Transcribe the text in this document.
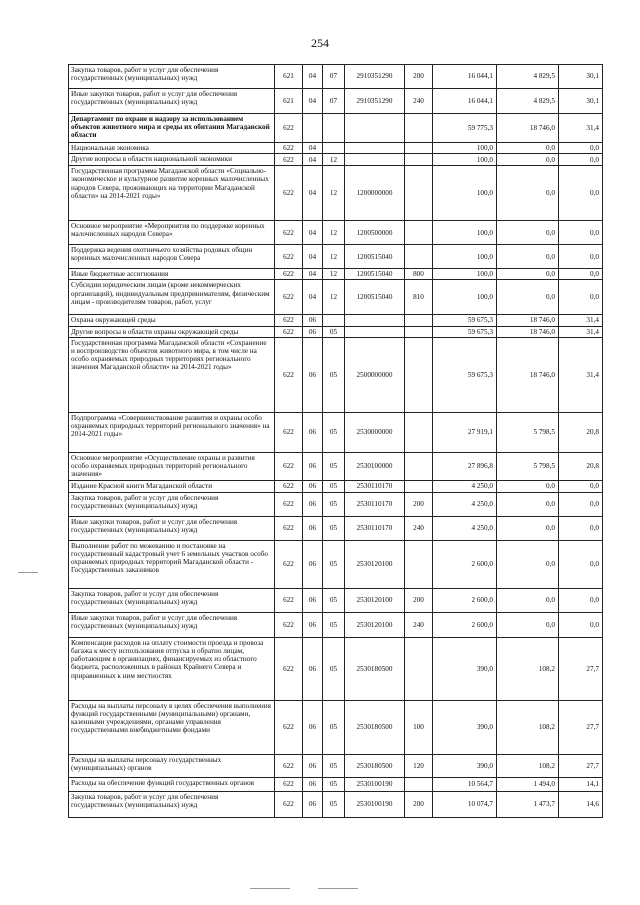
254
Закупка товаров, работ и услуг для обеспечения государственных (муниципальных) нужд	621	04	07	2910351290	200	16 044,1	4 829,5	30,1
Иные закупки товаров, работ и услуг для обеспечения государственных (муниципальных) нужд	621	04	07	2910351290	240	16 044,1	4 829,5	30,1
Департамент по охране и надзору за использованием объектов животного мира и среды их обитания Магаданской области	622					59 775,3	18 746,0	31,4
Национальная экономика	622	04				100,0	0,0	0,0
Другие вопросы в области национальной экономики	622	04	12			100,0	0,0	0,0
Государственная программа Магаданской области «Социально-экономическое и культурное развитие коренных малочисленных народов Севера, проживающих на территории Магаданской области» на 2014-2021 годы»	622	04	12	1200000000		100,0	0,0	0,0
Основное мероприятие «Мероприятия по поддержке коренных малочисленных народов Севера»	622	04	12	1200500000		100,0	0,0	0,0
Поддержка ведения охотничьего хозяйства родовых общин коренных малочисленных народов Севера	622	04	12	1200515040		100,0	0,0	0,0
Иные бюджетные ассигнования	622	04	12	1200515040	800	100,0	0,0	0,0
Субсидии юридическим лицам (кроме некоммерческих организаций), индивидуальным предпринимателям, физическим лицам - производителям товаров, работ, услуг	622	04	12	1200515040	810	100,0	0,0	0,0
Охрана окружающей среды	622	06				59 675,3	18 746,0	31,4
Другие вопросы в области охраны окружающей среды	622	06	05			59 675,3	18 746,0	31,4
Государственная программа Магаданской области «Сохранение и воспроизводство объектов животного мира, в том числе на особо охраняемых природных территориях регионального значения Магаданской области» на 2014-2021 годы»	622	06	05	2500000000		59 675,3	18 746,0	31,4
Подпрограмма «Совершенствование развития и охраны особо охраняемых природных территорий регионального значения» на 2014-2021 годы»	622	06	05	2530000000		27 919,1	5 798,5	20,8
Основное мероприятие «Осуществление охраны и развития особо охраняемых природных территорий регионального значения»	622	06	05	2530100000		27 896,8	5 798,5	20,8
Издание Красной книги Магаданской области	622	06	05	2530110170		4 250,0	0,0	0,0
Закупка товаров, работ и услуг для обеспечения государственных (муниципальных) нужд	622	06	05	2530110170	200	4 250,0	0,0	0,0
Иные закупки товаров, работ и услуг для обеспечения государственных (муниципальных) нужд	622	06	05	2530110170	240	4 250,0	0,0	0,0
Выполнение работ по межеванию и постановке на государственный кадастровый учет 6 земельных участков особо охраняемых природных территорий Магаданской области - Государственных заказников	622	06	05	2530120100		2 600,0	0,0	0,0
Закупка товаров, работ и услуг для обеспечения государственных (муниципальных) нужд	622	06	05	2530120100	200	2 600,0	0,0	0,0
Иные закупки товаров, работ и услуг для обеспечения государственных (муниципальных) нужд	622	06	05	2530120100	240	2 600,0	0,0	0,0
Компенсация расходов на оплату стоимости проезда и провоза багажа к месту использования отпуска и обратно лицам, работающим в организациях, финансируемых из областного бюджета, расположенных в районах Крайнего Севера и приравненных к ним местностях	622	06	05	2530180500		390,0	108,2	27,7
Расходы на выплаты персоналу в целях обеспечения выполнения функций государственными (муниципальными) органами, казенными учреждениями, органами управления государственными внебюджетными фондами	622	06	05	2530180500	100	390,0	108,2	27,7
Расходы на выплаты персоналу государственных (муниципальных) органов	622	06	05	2530180500	120	390,0	108,2	27,7
Расходы на обеспечение функций государственных органов	622	06	05	2530100190		10 564,7	1 494,0	14,1
Закупка товаров, работ и услуг для обеспечения государственных (муниципальных) нужд	622	06	05	2530100190	200	10 074,7	1 473,7	14,6
